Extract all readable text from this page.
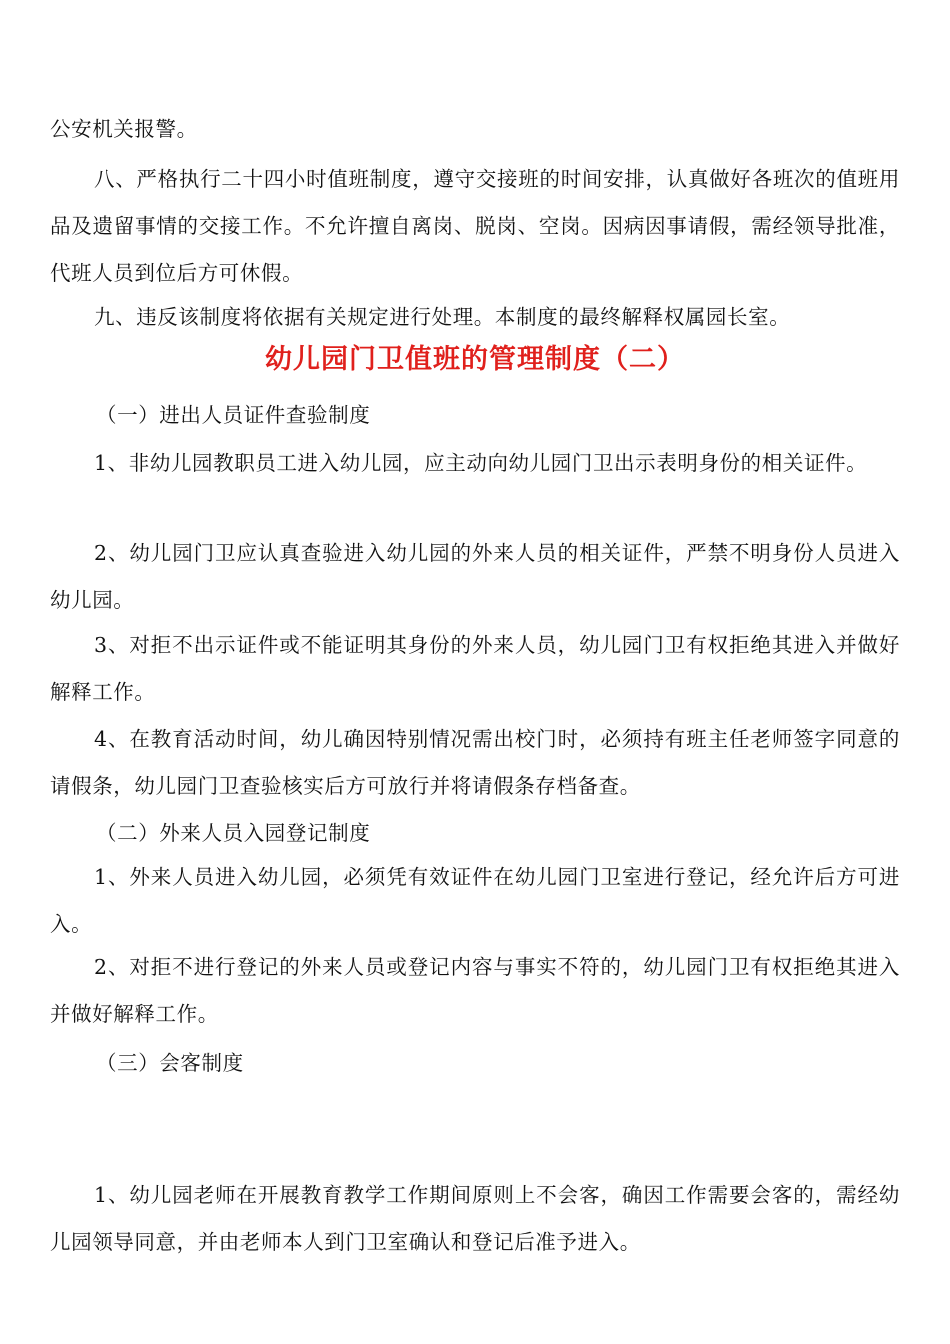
公安机关报警。

八、严格执行二十四小时值班制度，遵守交接班的时间安排，认真做好各班次的值班用品及遗留事情的交接工作。不允许擅自离岗、脱岗、空岗。因病因事请假，需经领导批准，代班人员到位后方可休假。

九、违反该制度将依据有关规定进行处理。本制度的最终解释权属园长室。

幼儿园门卫值班的管理制度（二）

（一）进出人员证件查验制度

1、非幼儿园教职员工进入幼儿园，应主动向幼儿园门卫出示表明身份的相关证件。

2、幼儿园门卫应认真查验进入幼儿园的外来人员的相关证件，严禁不明身份人员进入幼儿园。

3、对拒不出示证件或不能证明其身份的外来人员，幼儿园门卫有权拒绝其进入并做好解释工作。

4、在教育活动时间，幼儿确因特别情况需出校门时，必须持有班主任老师签字同意的请假条，幼儿园门卫查验核实后方可放行并将请假条存档备查。

（二）外来人员入园登记制度

1、外来人员进入幼儿园，必须凭有效证件在幼儿园门卫室进行登记，经允许后方可进入。

2、对拒不进行登记的外来人员或登记内容与事实不符的，幼儿园门卫有权拒绝其进入并做好解释工作。

（三）会客制度

1、幼儿园老师在开展教育教学工作期间原则上不会客，确因工作需要会客的，需经幼儿园领导同意，并由老师本人到门卫室确认和登记后准予进入。
